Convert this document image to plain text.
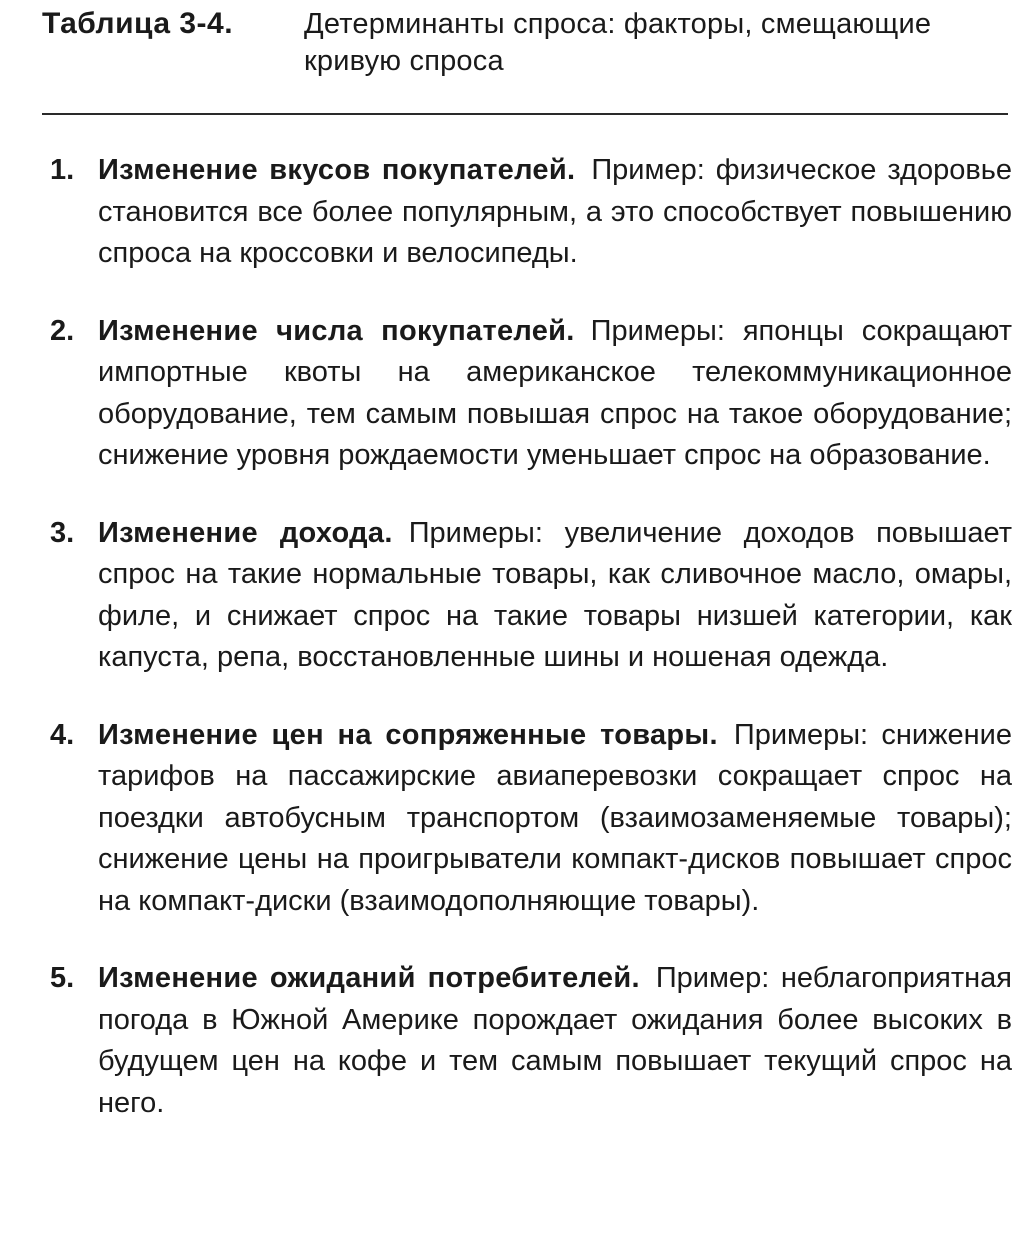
Таблица 3-4. Детерминанты спроса: факторы, смещающие кривую спроса
1. Изменение вкусов покупателей. Пример: физическое здоровье становится все более популярным, а это способствует повышению спроса на кроссовки и велосипеды.
2. Изменение числа покупателей. Примеры: японцы сокращают импортные квоты на американское телекоммуникационное оборудование, тем самым повышая спрос на такое оборудование; снижение уровня рождаемости уменьшает спрос на образование.
3. Изменение дохода. Примеры: увеличение доходов повышает спрос на такие нормальные товары, как сливочное масло, омары, филе, и снижает спрос на такие товары низшей категории, как капуста, репа, восстановленные шины и ношеная одежда.
4. Изменение цен на сопряженные товары. Примеры: снижение тарифов на пассажирские авиаперевозки сокращает спрос на поездки автобусным транспортом (взаимозаменяемые товары); снижение цены на проигрыватели компакт-дисков повышает спрос на компакт-диски (взаимодополняющие товары).
5. Изменение ожиданий потребителей. Пример: неблагоприятная погода в Южной Америке порождает ожидания более высоких в будущем цен на кофе и тем самым повышает текущий спрос на него.
